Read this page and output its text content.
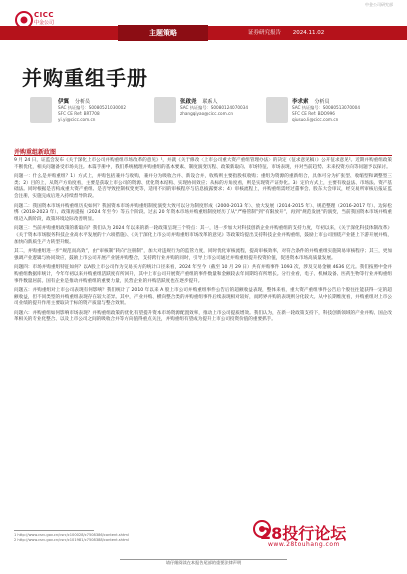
CICC
中金公司
中金公司研究部
主题策略	证券研究报告 2024.11.02
并购重组手册
伊翼 分析员
SAC 执证编号：S0080521030002
SFC CE Ref: BRT708
yi.yi@cicc.com.cn
张啟尧 联系人
SAC 执证编号：S0080124070034
zhangqiyao@cicc.com.cn
李求索 分析员
SAC 执证编号：S0080513070004
SFC CE Ref: BDO996
qiusuo.li@cicc.com.cn
并购重组新政图

9 月 24 日，证监会发布《关于深化上市公司并购重组市场改革的意见》¹，并就《关于修改〈上市公司重大资产重组管理办法〉的决定（征求意见稿）》公开征求意见²。近期并购重组政策不断优化，相关问题备受市场关注。本篇手册中，我们系统梳理并购重组的基本要素、制度演变历程、政策新取向、市场特征、市场表现，并对当前趋势、未来投资方向等问题予以探讨。

问题一：什么是并购重组？1）方式上，并购包括兼并与收购，兼并分为吸收合并、新设合并，收购则主要指股权收购；重组为资源的重新组合，具体可分为扩张型、收缩型和调整型三类；2）目的上，从资产方角度看，主要是获取上市公司的资源、优化资本结构、实现协同效应；从标的方角度看，则是实现资产证券化。3）定价方式上，主要有收益法、市场法、资产基础法。同时根据是否构成重大资产重组、是否导致控制权变更等，适用不同的审核程序与信息披露要求；4）审核流程上，并购重组需经过董事会、股东大会审议，经交易所审核后报证监会注册，实施完成后进入持续督导阶段。

问题二：我国资本市场并购重组历史如何？我国资本市场并购重组制度演变大致可以分为制度形成（2000-2013 年）、放大发展（2014-2015 年）、规范整理（2016-2017 年）、边际松绑（2018-2023 年）、政策再提振（2024 年至今）等五个阶段。过去 20 年资本市场并购重组制度经历了从“严格管制”到“有限放开”，再到“规范发展”的演变，当前我国资本市场并购重组迈入新阶段，政策环境边际改善明显。

问题三：当前并购重组政策的新取向？我们认为 2024 年以来的新一轮政策呈现三个特点：其一，进一步加大对科技创新企业并购重组的支持力度，年初以来，《关于深化科技体制改革》《关于资本市场服务科技企业高水平发展的十六项措施》、《关于深化上市公司并购重组市场改革的意见》等政策均提出支持科技企业并购重组，鼓励上市公司围绕产业链上下游开展并购，加快向新质生产力转型升级。

其二，并购重组进一步“规范而高效”，由“审核制”转向“注册制”，加大对违规行为的监管力度，同时优化审核流程，提高审核效率，对符合条件的并购重组实施简易审核程序；其三，更加强调产业逻辑与协同效应，鼓励上市公司开展产业链并购整合，支持跨行业并购的同时，引导上市公司通过并购重组提升投资价值，促进资本市场高质量发展。

问题四：市场并购重组特征如何？以A股上市公司作为交易买方的统计口径来看，2024 年至今（截至 10 月 29 日）共有并购事件 1093 次，涉及交易金额 4636 亿元。我们按照中金并购重组数据库统计，今年年初以来并购重组活跃度有所回升，其中上市公司开展资产重组的事件数量和金额较去年同期均有所增长。分行业看，电子、机械设备、医药生物等行业并购重组事件数量居前。国有企业是推动并购重组的重要力量，民营企业的并购活跃度也在逐步提升。

问题五：并购重组对上市公司表现有何影响？我们统计了 2010 年以来 A 股上市公司并购重组事件公告后的超额收益表现，整体来看，重大资产重组事件公告后个股往往能获得一定的超额收益，但不同类型的并购重组表现存在较大差异。其中，产业并购、横向整合类的并购重组事件后续表现相对较好，而跨界并购的表现则分化较大。从中长期维度看，并购重组对上市公司业绩的提升作用主要取决于标的资产质量与整合效果。

问题六：并购重组如何影响市场表现？并购重组政策的优化有望提升资本市场资源配置效率，推动上市公司提质增效。我们认为，在新一轮政策支持下，科技创新领域的产业并购、国企改革相关的专业化整合、以及上市公司之间的吸收合并等方向值得重点关注，并购重组有望成为提升上市公司投资价值的重要抓手。

1 http://www.csrc.gov.cn/csrc/c100028/c7508386/content.shtml
2 http://www.csrc.gov.cn/csrc/c101981/c7508388/content.shtml	28投行论坛
www.28touhang.com
请仔细阅读在本报告尾部的重要法律声明
